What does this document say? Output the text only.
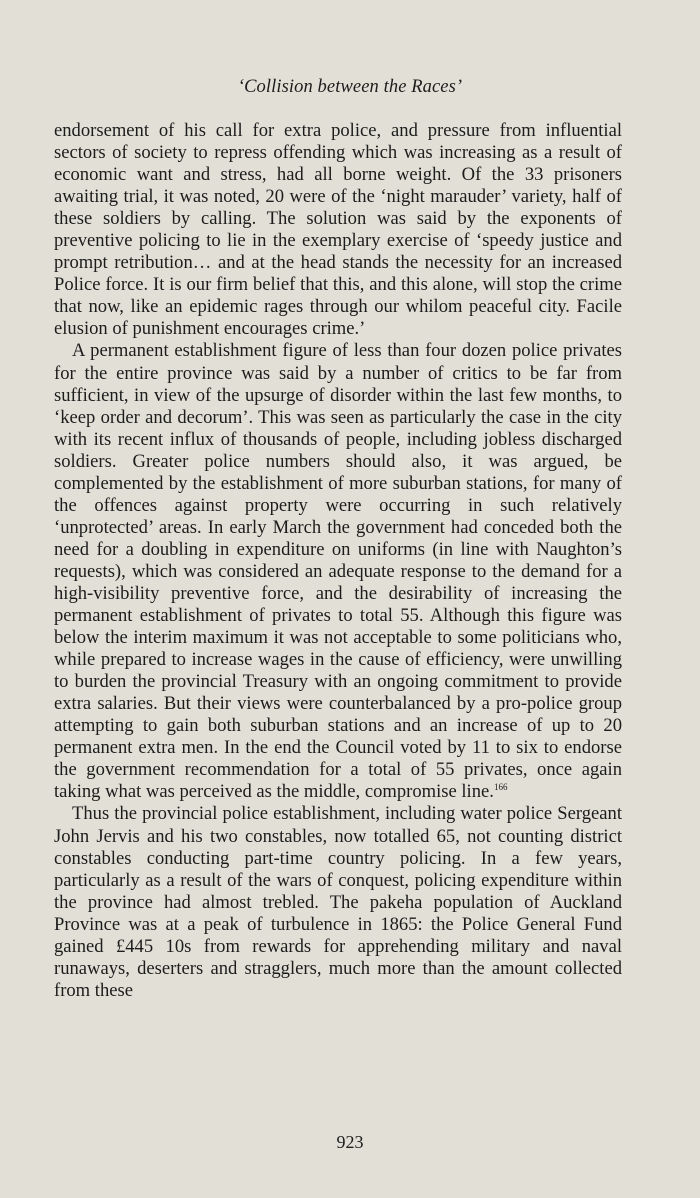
‘Collision between the Races’

endorsement of his call for extra police, and pressure from influential sectors of society to repress offending which was increasing as a result of economic want and stress, had all borne weight. Of the 33 prisoners awaiting trial, it was noted, 20 were of the ‘night marauder’ variety, half of these soldiers by calling. The solution was said by the exponents of preventive policing to lie in the exemplary exercise of ‘speedy justice and prompt retribution… and at the head stands the necessity for an increased Police force. It is our firm belief that this, and this alone, will stop the crime that now, like an epidemic rages through our whilom peaceful city. Facile elusion of punishment encourages crime.’

A permanent establishment figure of less than four dozen police privates for the entire province was said by a number of critics to be far from sufficient, in view of the upsurge of disorder within the last few months, to ‘keep order and decorum’. This was seen as particularly the case in the city with its recent influx of thousands of people, including jobless discharged soldiers. Greater police numbers should also, it was argued, be complemented by the establishment of more suburban stations, for many of the offences against property were occurring in such relatively ‘unprotected’ areas. In early March the government had conceded both the need for a doubling in expenditure on uniforms (in line with Naughton’s requests), which was considered an adequate response to the demand for a high-visibility preventive force, and the desirability of increasing the permanent establishment of privates to total 55. Although this figure was below the interim maximum it was not acceptable to some politicians who, while prepared to increase wages in the cause of efficiency, were unwilling to burden the provincial Treasury with an ongoing commitment to provide extra salaries. But their views were counterbalanced by a pro-police group attempting to gain both suburban stations and an increase of up to 20 permanent extra men. In the end the Council voted by 11 to six to endorse the government recommendation for a total of 55 privates, once again taking what was perceived as the middle, compromise line.$^{166}$

Thus the provincial police establishment, including water police Sergeant John Jervis and his two constables, now totalled 65, not counting district constables conducting part-time country policing. In a few years, particularly as a result of the wars of conquest, policing expenditure within the province had almost trebled. The pakeha population of Auckland Province was at a peak of turbulence in 1865: the Police General Fund gained £445 10s from rewards for apprehending military and naval runaways, deserters and stragglers, much more than the amount collected from these

923
